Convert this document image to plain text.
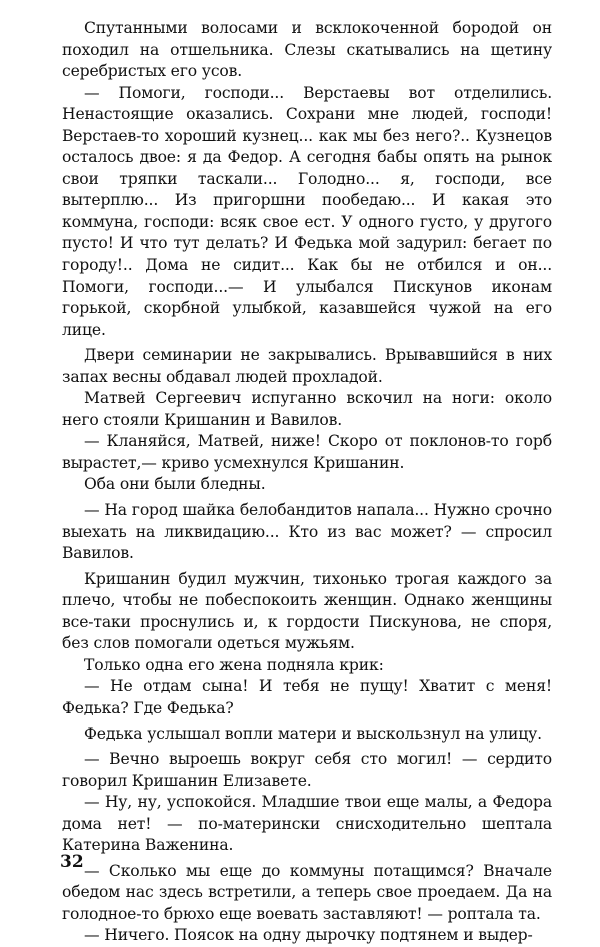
Спутанными волосами и всклокоченной бородой он походил на отшельника. Слезы скатывались на щетину серебристых его усов.

— Помоги, господи... Верстаевы вот отделились. Ненастоящие оказались. Сохрани мне людей, господи! Верстаев-то хороший кузнец... как мы без него?.. Кузнецов осталось двое: я да Федор. А сегодня бабы опять на рынок свои тряпки таскали... Голодно... я, господи, все вытерплю... Из пригоршни пообедаю... И какая это коммуна, господи: всяк свое ест. У одного густо, у другого пусто! И что тут делать? И Федька мой задурил: бегает по городу!.. Дома не сидит... Как бы не отбился и он... Помоги, господи...— И улыбался Пискунов иконам горькой, скорбной улыбкой, казавшейся чужой на его лице.

Двери семинарии не закрывались. Врывавшийся в них запах весны обдавал людей прохладой.

Матвей Сергеевич испуганно вскочил на ноги: около него стояли Кришанин и Вавилов.

— Кланяйся, Матвей, ниже! Скоро от поклонов-то горб вырастет,— криво усмехнулся Кришанин.

Оба они были бледны.

— На город шайка белобандитов напала... Нужно срочно выехать на ликвидацию... Кто из вас может? — спросил Вавилов.

Кришанин будил мужчин, тихонько трогая каждого за плечо, чтобы не побеспокоить женщин. Однако женщины все-таки проснулись и, к гордости Пискунова, не споря, без слов помогали одеться мужьям.

Только одна его жена подняла крик:

— Не отдам сына! И тебя не пущу! Хватит с меня! Федька? Где Федька?

Федька услышал вопли матери и выскользнул на улицу.

— Вечно выроешь вокруг себя сто могил! — сердито говорил Кришанин Елизавете.

— Ну, ну, успокойся. Младшие твои еще малы, а Федора дома нет! — по-матерински снисходительно шептала Катерина Важенина.

— Сколько мы еще до коммуны потащимся? Вначале обедом нас здесь встретили, а теперь свое проедаем. Да на голодное-то брюхо еще воевать заставляют! — роптала та.

— Ничего. Поясок на одну дырочку подтянем и выдер-

32
